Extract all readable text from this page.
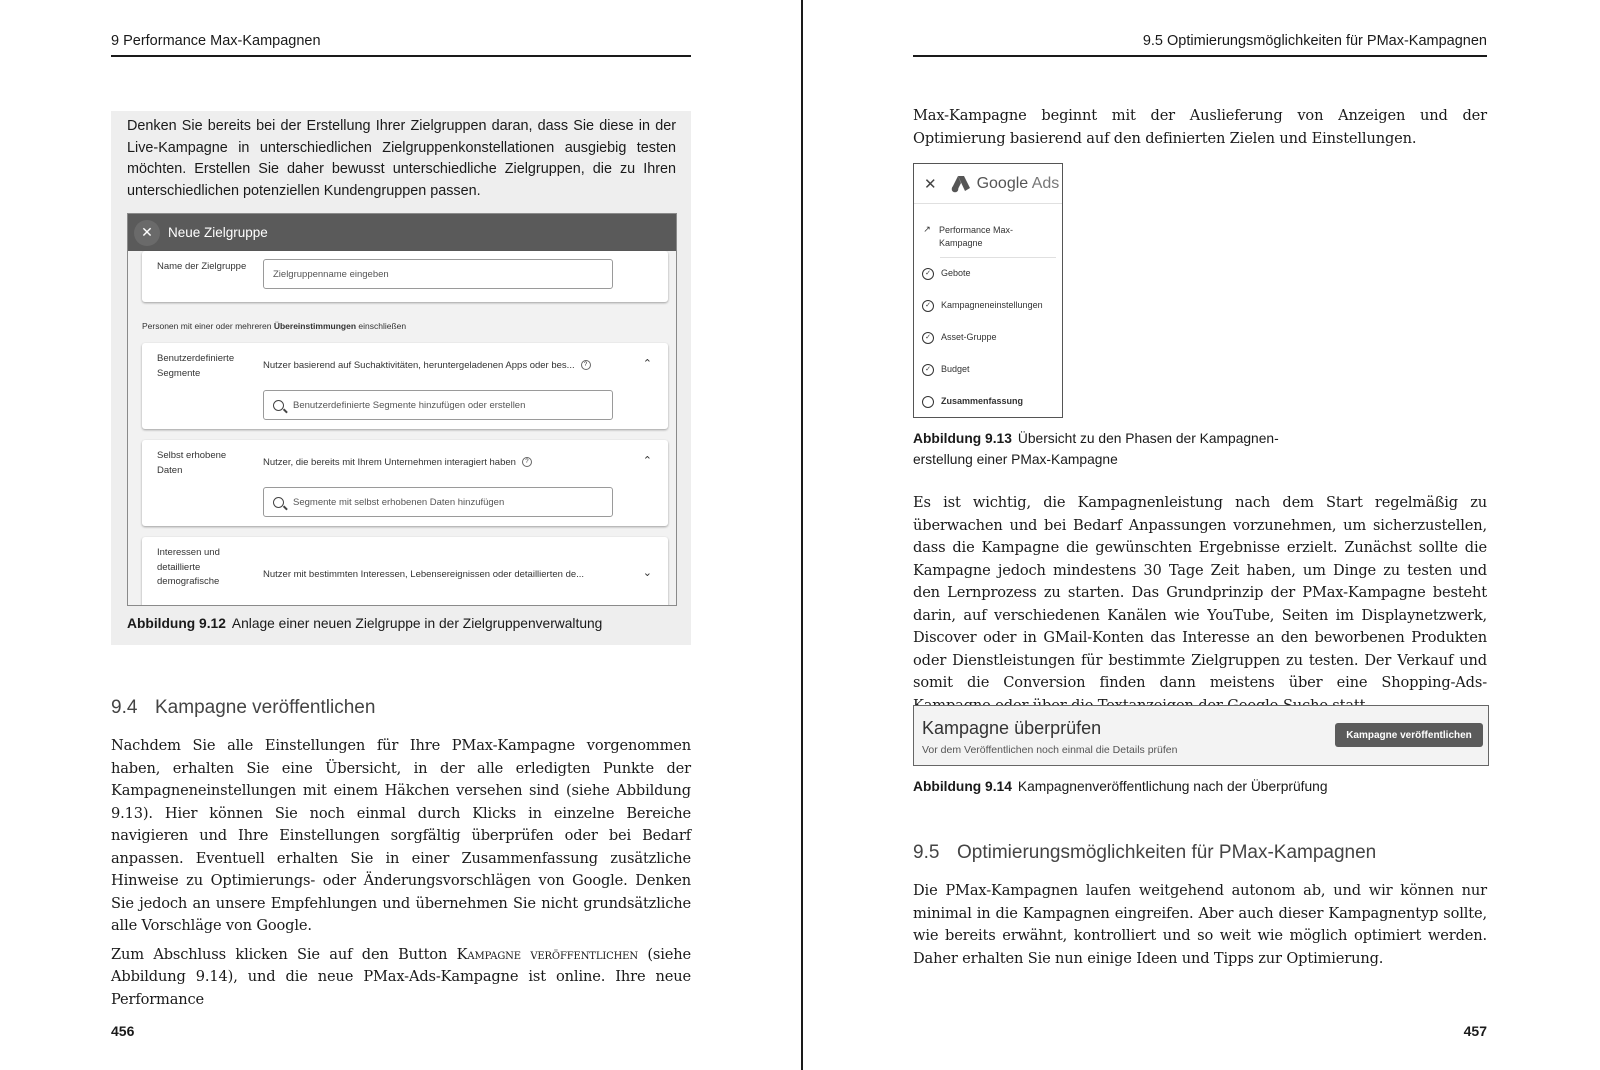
9 Performance Max-Kampagnen
Denken Sie bereits bei der Erstellung Ihrer Zielgruppen daran, dass Sie diese in der Live-Kampagne in unterschiedlichen Zielgruppenkonstellationen ausgiebig testen möchten. Erstellen Sie daher bewusst unterschiedliche Zielgruppen, die zu Ihren unterschiedlichen potenziellen Kundengruppen passen.
✕	Neue Zielgruppe
Name der Zielgruppe
Zielgruppenname eingeben
Personen mit einer oder mehreren Übereinstimmungen einschließen
Benutzerdefinierte
Segmente
Nutzer basierend auf Suchaktivitäten, heruntergeladenen Apps oder bes... ?	⌃
Benutzerdefinierte Segmente hinzufügen oder erstellen
Selbst erhobene
Daten
Nutzer, die bereits mit Ihrem Unternehmen interagiert haben ?	⌃
Segmente mit selbst erhobenen Daten hinzufügen
Interessen und
detaillierte
demografische
Nutzer mit bestimmten Interessen, Lebensereignissen oder detaillierten de...	⌄
Abbildung 9.12 Anlage einer neuen Zielgruppe in der Zielgruppenverwaltung
9.4 Kampagne veröffentlichen

Nachdem Sie alle Einstellungen für Ihre PMax-Kampagne vorgenommen haben, erhalten Sie eine Übersicht, in der alle erledigten Punkte der Kampagneneinstellungen mit einem Häkchen versehen sind (siehe Abbildung 9.13). Hier können Sie noch einmal durch Klicks in einzelne Bereiche navigieren und Ihre Einstellungen sorgfältig überprüfen oder bei Bedarf anpassen. Eventuell erhalten Sie in einer Zusammenfassung zusätzliche Hinweise zu Optimierungs- oder Änderungsvorschlägen von Google. Denken Sie jedoch an unsere Empfehlungen und übernehmen Sie nicht grundsätzliche alle Vorschläge von Google.

Zum Abschluss klicken Sie auf den Button Kampagne veröffentlichen (siehe Abbildung 9.14), und die neue PMax-Ads-Kampagne ist online. Ihre neue Performance

456
9.5 Optimierungsmöglichkeiten für PMax-Kampagnen

Max-Kampagne beginnt mit der Auslieferung von Anzeigen und der Optimierung basierend auf den definierten Zielen und Einstellungen.

✕	Google Ads
↗ Performance Max-Kampagne
✓	Gebote
✓	Kampagneneinstellungen
✓	Asset-Gruppe
✓	Budget
Zusammenfassung
Abbildung 9.13 Übersicht zu den Phasen der Kampagnen-
erstellung einer PMax-Kampagne

Es ist wichtig, die Kampagnenleistung nach dem Start regelmäßig zu überwachen und bei Bedarf Anpassungen vorzunehmen, um sicherzustellen, dass die Kampagne die gewünschten Ergebnisse erzielt. Zunächst sollte die Kampagne jedoch mindestens 30 Tage Zeit haben, um Dinge zu testen und den Lernprozess zu starten. Das Grundprinzip der PMax-Kampagne besteht darin, auf verschiedenen Kanälen wie YouTube, Seiten im Displaynetzwerk, Discover oder in GMail-Konten das Interesse an den beworbenen Produkten oder Dienstleistungen für bestimmte Zielgruppen zu testen. Der Verkauf und somit die Conversion finden dann meistens über eine Shopping-Ads-

Kampagne überprüfen
Vor dem Veröffentlichen noch einmal die Details prüfen
Kampagne veröffentlichen
Abbildung 9.14 Kampagnenveröffentlichung nach der Überprüfung
9.5 Optimierungsmöglichkeiten für PMax-Kampagnen

Die PMax-Kampagnen laufen weitgehend autonom ab, und wir können nur minimal in die Kampagnen eingreifen. Aber auch dieser Kampagnentyp sollte, wie bereits erwähnt, kontrolliert und so weit wie möglich optimiert werden. Daher erhalten Sie nun einige Ideen und Tipps zur Optimierung.

457
